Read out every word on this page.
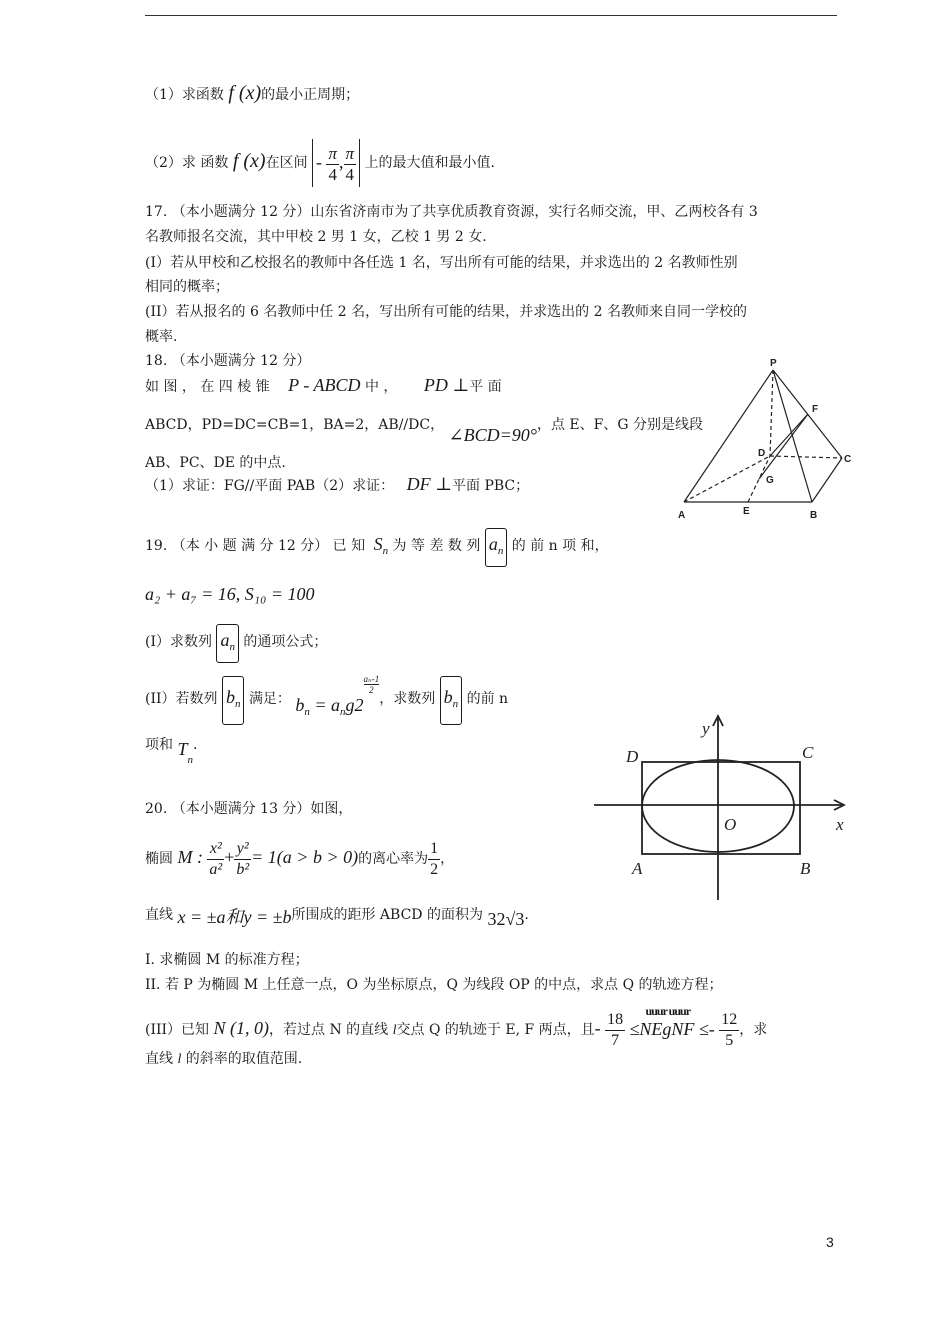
（1）求函数 f (x)的最小正周期；
（2）求 函数 f (x)在区间 - $\frac{\pi}{4}$ , $\frac{\pi}{4}$ 上的最大值和最小值.
17. （本小题满分 12 分）山东省济南市为了共享优质教育资源，实行名师交流，甲、乙两校各有 3
名教师报名交流，其中甲校 2 男 1 女，乙校 1 男 2 女.
(I）若从甲校和乙校报名的教师中各任选 1 名，写出所有可能的结果，并求选出的 2 名教师性别
相同的概率；
(II）若从报名的 6 名教师中任 2 名，写出所有可能的结果，并求选出的 2 名教师来自同一学校的
概率.
18. （本小题满分 12 分）
如 图 ， 在 四 棱 锥 P - ABCD 中 ， PD ⊥平 面
ABCD，PD=DC=CB=1，BA=2，AB//DC， ∠BCD=90°，点 E、F、G 分别是线段
AB、PC、DE 的中点.
（1）求证：FG//平面 PAB（2）求证： DF ⊥平面 PBC；
P
F
D
C
G
A	E	B
19. （本 小 题 满 分 12 分） 已 知 $S_n$ 为 等 差 数 列 $a_n$ 的 前 n 项 和，
a₂ + a₇ = 16, S₁₀ = 100
(I）求数列 $a_n$ 的通项公式；
(II）若数列 $b_n$ 满足： $b_n = a_ng2$
$^{\frac{\text{aₙ-1}}{2}}$
，求数列 $b_n$ 的前 n
项和 $T_n$.
y
x
O
D	C
A	B
20. （本小题满分 13 分）如图，
椭圆 M : $\frac{\text{x²}}{\text{a²}} + \frac{\text{y²}}{\text{b²}} = 1(a > b > 0)$的离心率为 $\frac{1}{2}$ ，
直线 x = ±a和y = ±b所围成的距形 ABCD 的面积为 32√3.
I. 求椭圆 M 的标准方程；
II. 若 P 为椭圆 M 上任意一点，O 为坐标原点，Q 为线段 OP 的中点，求点 Q 的轨迹方程；
(III）已知 N (1, 0)，若过点 N 的直线 l交点 Q 的轨迹于 E, F 两点，且- $\frac{18}{7}$
uuur uuur
≤NEgNF ≤- $\frac{12}{5}$ ，求
直线 l 的斜率的取值范围.
3
